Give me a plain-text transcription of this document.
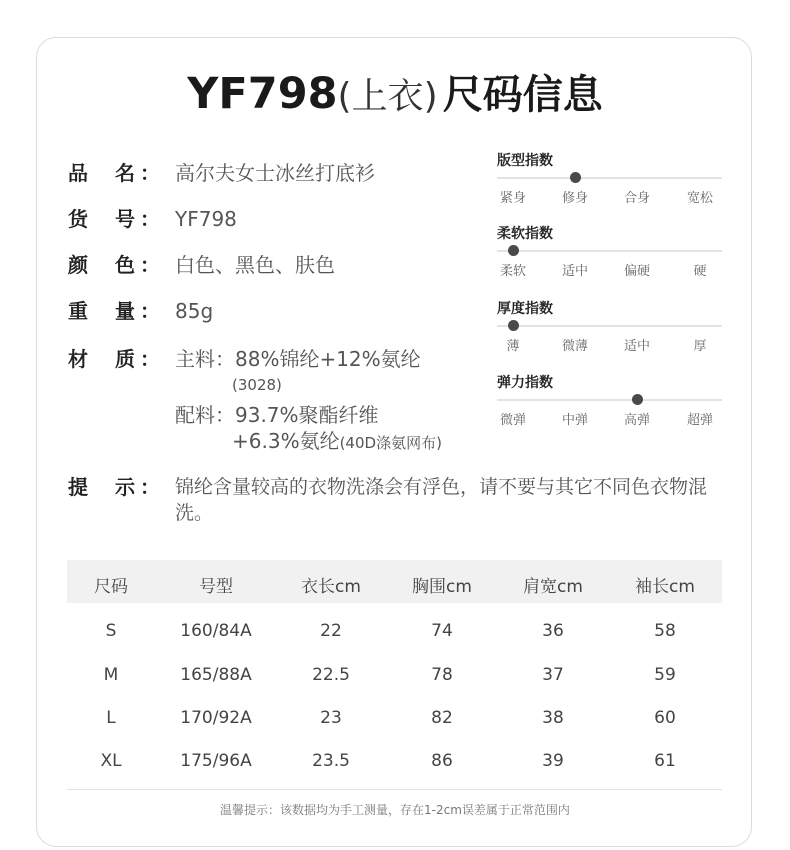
YF798(上衣) 尺码信息
品 名 ： 高尔夫女士冰丝打底衫
货 号 ： YF798
颜 色 ： 白色、黑色、肤色
重 量 ： 85g
材 质 ： 主料：88%锦纶+12%氨纶
(3028)
配料：93.7%聚酯纤维
+6.3%氨纶(40D涤氨网布)
提 示 ： 锦纶含量较高的衣物洗涤会有浮色，请不要与其它不同色衣物混洗。
版型指数
紧身	修身	合身	宽松
柔软指数
柔软	适中	偏硬	硬
厚度指数
薄	微薄	适中	厚
弹力指数
微弹	中弹	高弹	超弹
尺码	号型	衣长cm	胸围cm	肩宽cm	袖长cm
S	160/84A	22	74	36	58
M	165/88A	22.5	78	37	59
L	170/92A	23	82	38	60
XL	175/96A	23.5	86	39	61
温馨提示：该数据均为手工测量，存在1-2cm误差属于正常范围内
